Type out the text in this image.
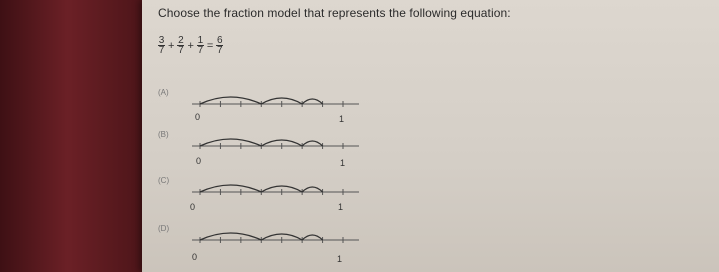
Choose the fraction model that represents the following equation:

$\frac{3}{7} + \frac{2}{7} + \frac{1}{7} = \frac{6}{7}$
(A)
0	1
(B)
0	1
(C)
0	1
(D)
0	1
